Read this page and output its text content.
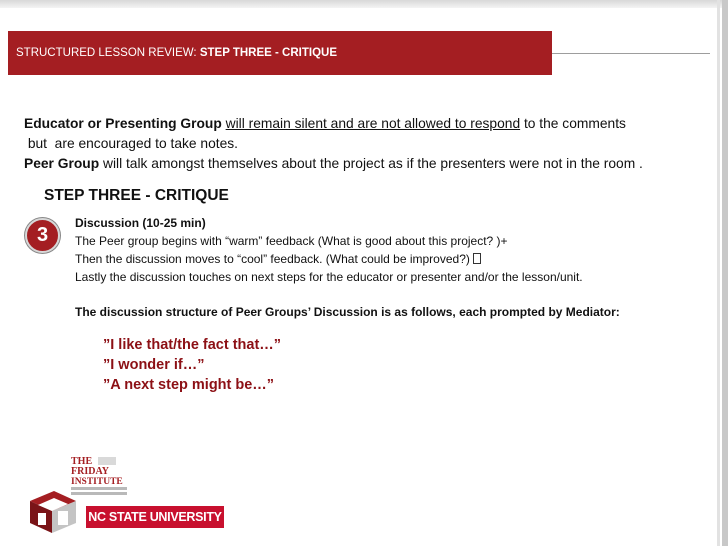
STRUCTURED LESSON REVIEW: STEP THREE - CRITIQUE
Educator or Presenting Group will remain silent and are not allowed to respond to the comments
but  are encouraged to take notes.
Peer Group will talk amongst themselves about the project as if the presenters were not in the room .
STEP THREE - CRITIQUE
3
Discussion (10-25 min)
The Peer group begins with “warm” feedback (What is good about this project? )+
Then the discussion moves to “cool” feedback. (What could be improved?)
Lastly the discussion touches on next steps for the educator or presenter and/or the lesson/unit.
The discussion structure of Peer Groups’ Discussion is as follows, each prompted by Mediator:
”I like that/the fact that…”
”I wonder if…”
”A next step might be…”
THE
FRIDAY
INSTITUTE
NC STATE UNIVERSITY
